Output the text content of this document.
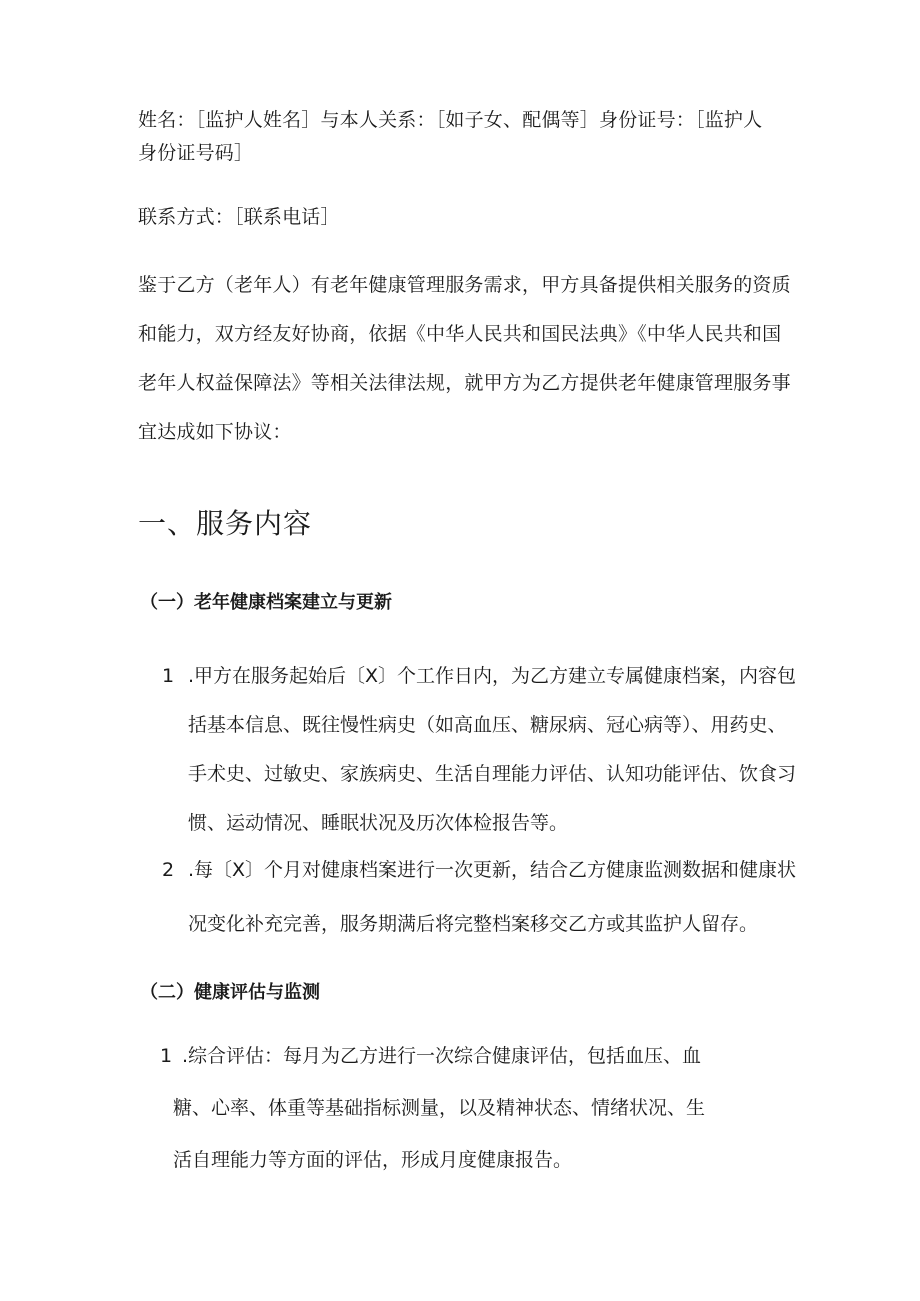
姓名：［监护人姓名］与本人关系：［如子女、配偶等］身份证号：［监护人

身份证号码］

联系方式：［联系电话］

鉴于乙方（老年人）有老年健康管理服务需求，甲方具备提供相关服务的资质

和能力，双方经友好协商，依据《中华人民共和国民法典》《中华人民共和国

老年人权益保障法》等相关法律法规，就甲方为乙方提供老年健康管理服务事

宜达成如下协议：

一、服务内容
（一）老年健康档案建立与更新
1 .甲方在服务起始后〔X〕个工作日内，为乙方建立专属健康档案，内容包
括基本信息、既往慢性病史（如高血压、糖尿病、冠心病等）、用药史、
手术史、过敏史、家族病史、生活自理能力评估、认知功能评估、饮食习
惯、运动情况、睡眠状况及历次体检报告等。
2 .每〔X〕个月对健康档案进行一次更新，结合乙方健康监测数据和健康状
况变化补充完善，服务期满后将完整档案移交乙方或其监护人留存。
（二）健康评估与监测
1 .综合评估：每月为乙方进行一次综合健康评估，包括血压、血
糖、心率、体重等基础指标测量，以及精神状态、情绪状况、生
活自理能力等方面的评估，形成月度健康报告。
